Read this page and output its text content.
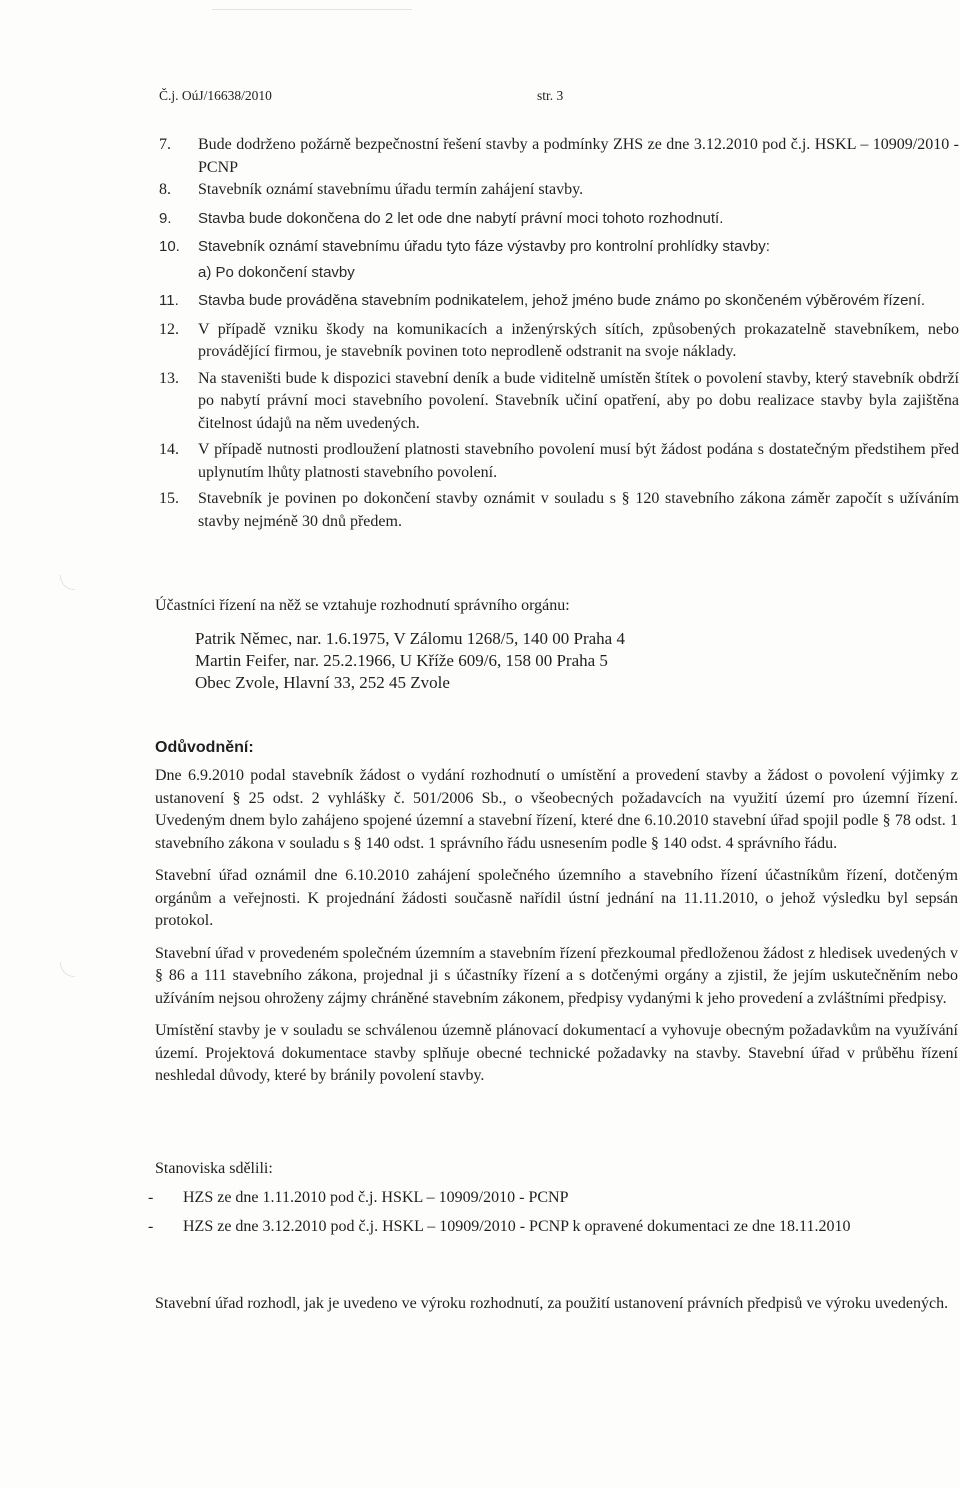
Č.j. OúJ/16638/2010	str. 3
7. Bude dodrženo požárně bezpečnostní řešení stavby a podmínky ZHS ze dne 3.12.2010 pod č.j. HSKL – 10909/2010 - PCNP
8. Stavebník oznámí stavebnímu úřadu termín zahájení stavby.
9. Stavba bude dokončena do 2 let ode dne nabytí právní moci tohoto rozhodnutí.
10. Stavebník oznámí stavebnímu úřadu tyto fáze výstavby pro kontrolní prohlídky stavby:
a) Po dokončení stavby
11. Stavba bude prováděna stavebním podnikatelem, jehož jméno bude známo po skončeném výběrovém řízení.
12. V případě vzniku škody na komunikacích a inženýrských sítích, způsobených prokazatelně stavebníkem, nebo provádějící firmou, je stavebník povinen toto neprodleně odstranit na svoje náklady.
13. Na staveništi bude k dispozici stavební deník a bude viditelně umístěn štítek o povolení stavby, který stavebník obdrží po nabytí právní moci stavebního povolení. Stavebník učiní opatření, aby po dobu realizace stavby byla zajištěna čitelnost údajů na něm uvedených.
14. V případě nutnosti prodloužení platnosti stavebního povolení musí být žádost podána s dostatečným předstihem před uplynutím lhůty platnosti stavebního povolení.
15. Stavebník je povinen po dokončení stavby oznámit v souladu s § 120 stavebního zákona záměr započít s užíváním stavby nejméně 30 dnů předem.
Účastníci řízení na něž se vztahuje rozhodnutí správního orgánu:
Patrik Němec, nar. 1.6.1975, V Zálomu 1268/5, 140 00 Praha 4
Martin Feifer, nar. 25.2.1966, U Kříže 609/6, 158 00 Praha 5
Obec Zvole, Hlavní 33, 252 45 Zvole
Odůvodnění:

Dne 6.9.2010 podal stavebník žádost o vydání rozhodnutí o umístění a provedení stavby a žádost o povolení výjimky z ustanovení § 25 odst. 2 vyhlášky č. 501/2006 Sb., o všeobecných požadavcích na využití území pro územní řízení. Uvedeným dnem bylo zahájeno spojené územní a stavební řízení, které dne 6.10.2010 stavební úřad spojil podle § 78 odst. 1 stavebního zákona v souladu s § 140 odst. 1 správního řádu usnesením podle § 140 odst. 4 správního řádu.

Stavební úřad oznámil dne 6.10.2010 zahájení společného územního a stavebního řízení účastníkům řízení, dotčeným orgánům a veřejnosti. K projednání žádosti současně nařídil ústní jednání na 11.11.2010, o jehož výsledku byl sepsán protokol.

Stavební úřad v provedeném společném územním a stavebním řízení přezkoumal předloženou žádost z hledisek uvedených v § 86 a 111 stavebního zákona, projednal ji s účastníky řízení a s dotčenými orgány a zjistil, že jejím uskutečněním nebo užíváním nejsou ohroženy zájmy chráněné stavebním zákonem, předpisy vydanými k jeho provedení a zvláštními předpisy.

Umístění stavby je v souladu se schválenou územně plánovací dokumentací a vyhovuje obecným požadavkům na využívání území. Projektová dokumentace stavby splňuje obecné technické požadavky na stavby. Stavební úřad v průběhu řízení neshledal důvody, které by bránily povolení stavby.

Stanoviska sdělili:
- HZS ze dne 1.11.2010 pod č.j. HSKL – 10909/2010 - PCNP
- HZS ze dne 3.12.2010 pod č.j. HSKL – 10909/2010 - PCNP k opravené dokumentaci ze dne 18.11.2010
Stavební úřad rozhodl, jak je uvedeno ve výroku rozhodnutí, za použití ustanovení právních předpisů ve výroku uvedených.
